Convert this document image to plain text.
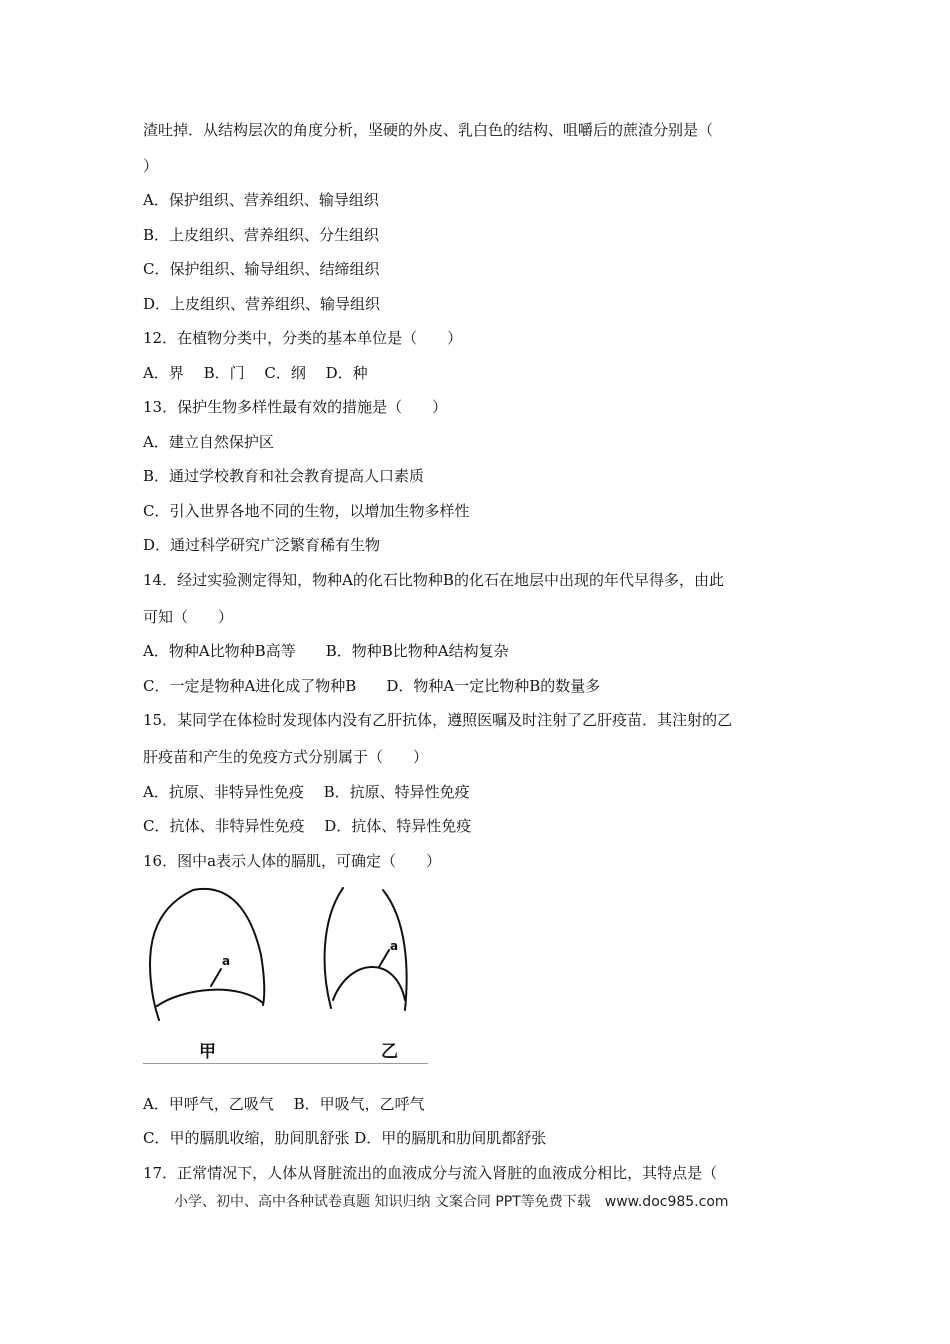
渣吐掉．从结构层次的角度分析，坚硬的外皮、乳白色的结构、咀嚼后的蔗渣分别是（
）
A．保护组织、营养组织、输导组织
B．上皮组织、营养组织、分生组织
C．保护组织、输导组织、结缔组织
D．上皮组织、营养组织、输导组织
12．在植物分类中，分类的基本单位是（　　）
A．界　 B．门　 C．纲　 D．种
13．保护生物多样性最有效的措施是（　　）
A．建立自然保护区
B．通过学校教育和社会教育提高人口素质
C．引入世界各地不同的生物，以增加生物多样性
D．通过科学研究广泛繁育稀有生物
14．经过实验测定得知，物种A的化石比物种B的化石在地层中出现的年代早得多，由此
可知（　　）
A．物种A比物种B高等　　B．物种B比物种A结构复杂
C．一定是物种A进化成了物种B　　D．物种A一定比物种B的数量多
15．某同学在体检时发现体内没有乙肝抗体，遵照医嘱及时注射了乙肝疫苗．其注射的乙
肝疫苗和产生的免疫方式分别属于（　　）
A．抗原、非特异性免疫　 B．抗原、特异性免疫
C．抗体、非特异性免疫　 D．抗体、特异性免疫
16．图中a表示人体的膈肌，可确定（　　）
a
a
甲	乙
A．甲呼气，乙吸气　 B．甲吸气，乙呼气
C．甲的膈肌收缩，肋间肌舒张 D．甲的膈肌和肋间肌都舒张
17．正常情况下，人体从肾脏流出的血液成分与流入肾脏的血液成分相比，其特点是（
小学、初中、高中各种试卷真题 知识归纳 文案合同 PPT等免费下载　www.doc985.com
